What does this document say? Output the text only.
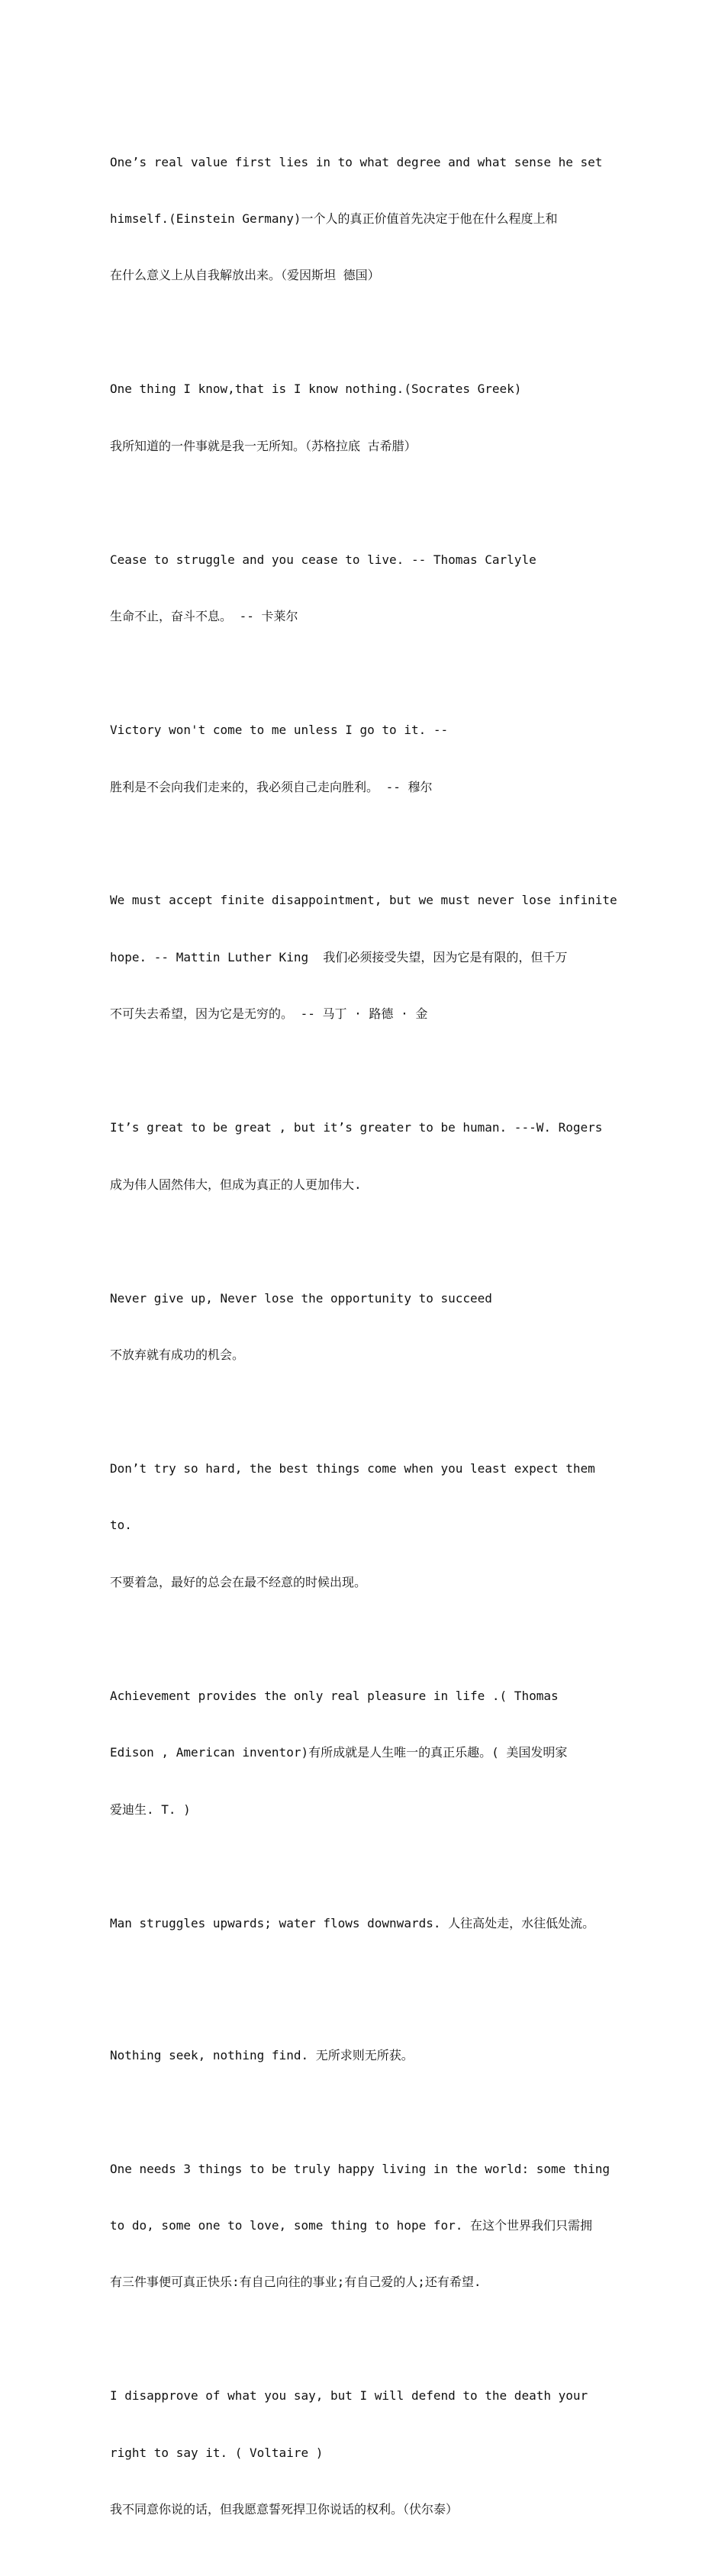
One’s real value first lies in to what degree and what sense he set

himself.(Einstein Germany)一个人的真正价值首先决定于他在什么程度上和

在什么意义上从自我解放出来。（爱因斯坦 德国）

One thing I know,that is I know nothing.(Socrates Greek)

我所知道的一件事就是我一无所知。（苏格拉底 古希腊）

Cease to struggle and you cease to live. -- Thomas Carlyle

生命不止，奋斗不息。 -- 卡莱尔

Victory won't come to me unless I go to it. --

胜利是不会向我们走来的，我必须自己走向胜利。 -- 穆尔

We must accept finite disappointment, but we must never lose infinite

hope. -- Mattin Luther King  我们必须接受失望，因为它是有限的，但千万

不可失去希望，因为它是无穷的。 -- 马丁 · 路德 · 金

It’s great to be great , but it’s greater to be human. ---W. Rogers

成为伟人固然伟大，但成为真正的人更加伟大.

Never give up, Never lose the opportunity to succeed

不放弃就有成功的机会。

Don’t try so hard, the best things come when you least expect them

to.

不要着急，最好的总会在最不经意的时候出现。

Achievement provides the only real pleasure in life .( Thomas

Edison , American inventor)有所成就是人生唯一的真正乐趣。( 美国发明家

爱迪生. T. )

Man struggles upwards; water flows downwards. 人往高处走，水往低处流。

Nothing seek, nothing find. 无所求则无所获。

One needs 3 things to be truly happy living in the world: some thing

to do, some one to love, some thing to hope for. 在这个世界我们只需拥

有三件事便可真正快乐:有自己向往的事业;有自己爱的人;还有希望.

I disapprove of what you say, but I will defend to the death your

right to say it. ( Voltaire )

我不同意你说的话，但我愿意誓死捍卫你说话的权利。（伏尔泰）
